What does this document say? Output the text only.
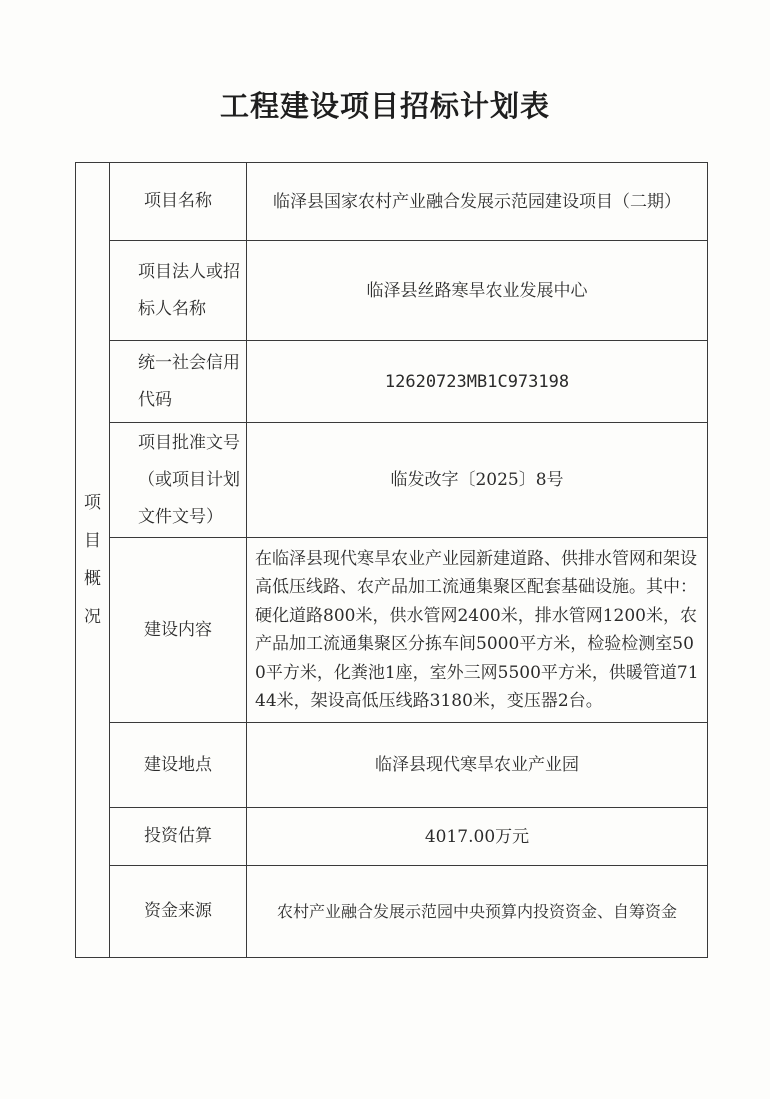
工程建设项目招标计划表
项
目
概
况	项目名称	临泽县国家农村产业融合发展示范园建设项目（二期）
	项目法人或招标人名称	临泽县丝路寒旱农业发展中心
	统一社会信用代码	12620723MB1C973198
	项目批准文号（或项目计划文件文号）	临发改字〔2025〕8号
	建设内容	在临泽县现代寒旱农业产业园新建道路、供排水管网和架设高低压线路、农产品加工流通集聚区配套基础设施。其中：硬化道路800米，供水管网2400米，排水管网1200米，农产品加工流通集聚区分拣车间5000平方米，检验检测室500平方米，化粪池1座，室外三网5500平方米，供暖管道7144米，架设高低压线路3180米，变压器2台。
	建设地点	临泽县现代寒旱农业产业园
	投资估算	4017.00万元
	资金来源	农村产业融合发展示范园中央预算内投资资金、自筹资金
